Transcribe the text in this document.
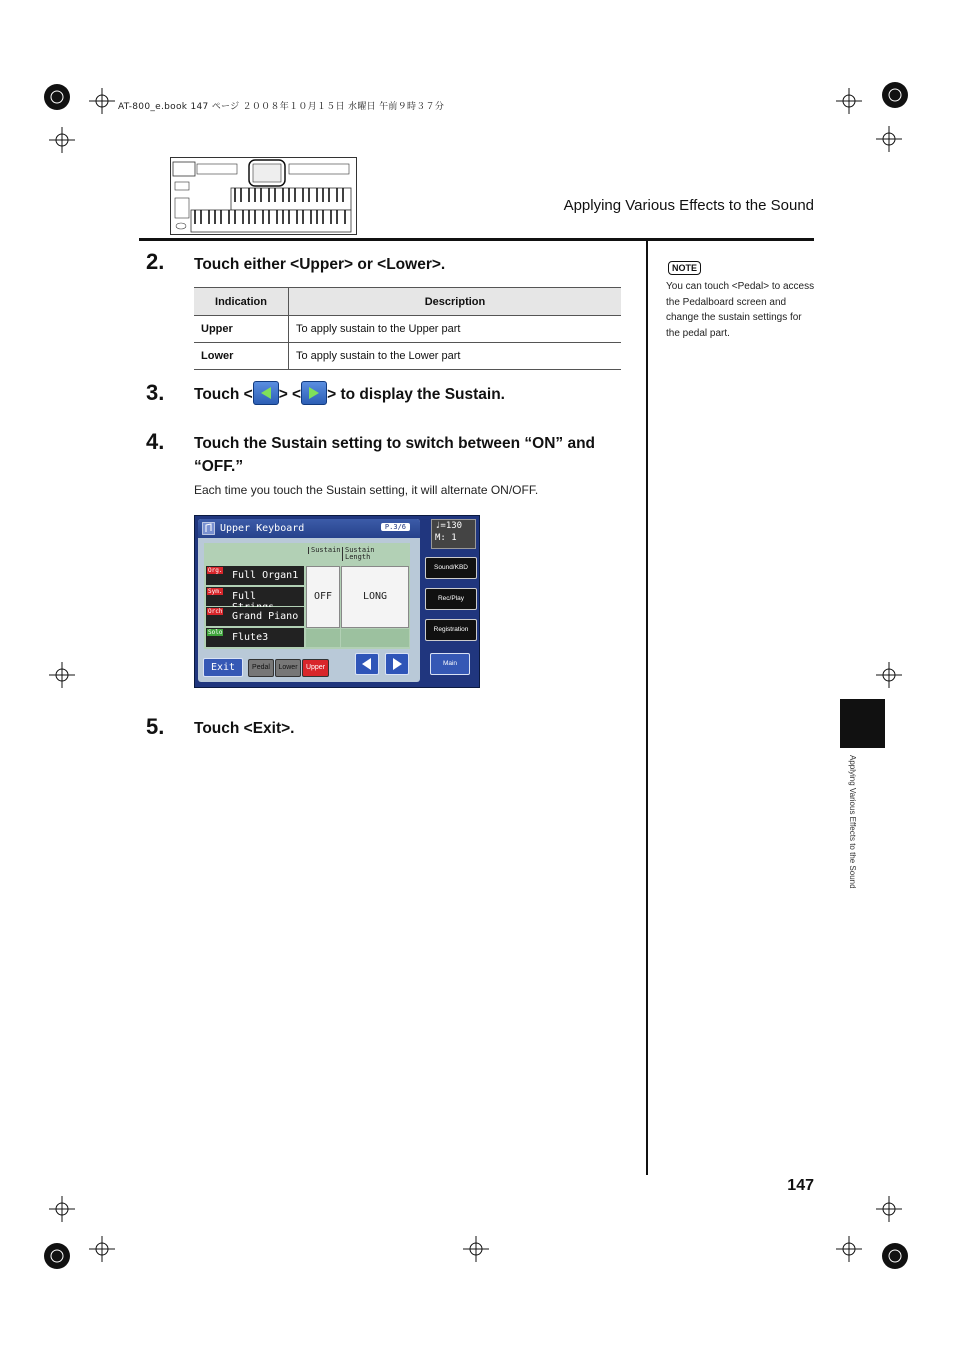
AT-800_e.book 147 ページ ２００８年１０月１５日 水曜日 午前９時３７分
Applying Various Effects to the Sound
2. Touch either <Upper> or <Lower>.
Indication	Description
Upper	To apply sustain to the Upper part
Lower	To apply sustain to the Lower part
3. Touch < > < > to display the Sustain.
4. Touch the Sustain setting to switch between “ON” and “OFF.”
Each time you touch the Sustain setting, it will alternate ON/OFF.
Upper Keyboard	P.3/6
Sustain Sustain
Length
Org. Full Organ1
Sym. Full
Orch Grand Piano
Solo Flute3
OFF	LONG
Exit	Pedal	Lower	Upper
♩=130
M: 1
Sound/KBD
Rec/Play
Registration
Main
5. Touch <Exit>.
NOTE
You can touch <Pedal> to access the Pedalboard screen and change the sustain settings for the pedal part.
Applying Various Effects to the Sound
147
